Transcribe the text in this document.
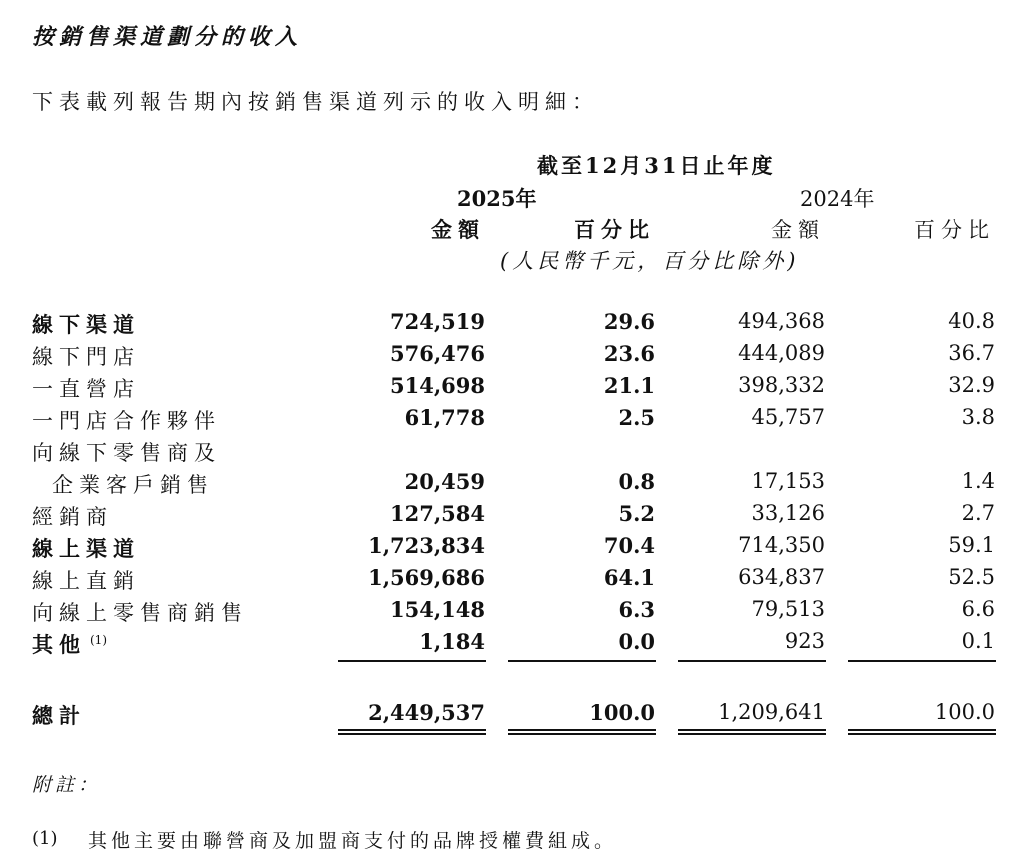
按銷售渠道劃分的收入
下表載列報告期內按銷售渠道列示的收入明細：
截至12月31日止年度
2025年	2024年
金額	百分比	金額	百分比
(人民幣千元，百分比除外)
線下渠道	724,519	29.6	494,368	40.8
線下門店	576,476	23.6	444,089	36.7
一直營店	514,698	21.1	398,332	32.9
一門店合作夥伴	61,778	2.5	45,757	3.8
向線下零售商及
企業客戶銷售	20,459	0.8	17,153	1.4
經銷商	127,584	5.2	33,126	2.7
線上渠道	1,723,834	70.4	714,350	59.1
線上直銷	1,569,686	64.1	634,837	52.5
向線上零售商銷售	154,148	6.3	79,513	6.6
其他 $^{(1)}$	1,184	0.0	923	0.1
總計	2,449,537	100.0	1,209,641	100.0
附註：
(1) 其他主要由聯營商及加盟商支付的品牌授權費組成。
